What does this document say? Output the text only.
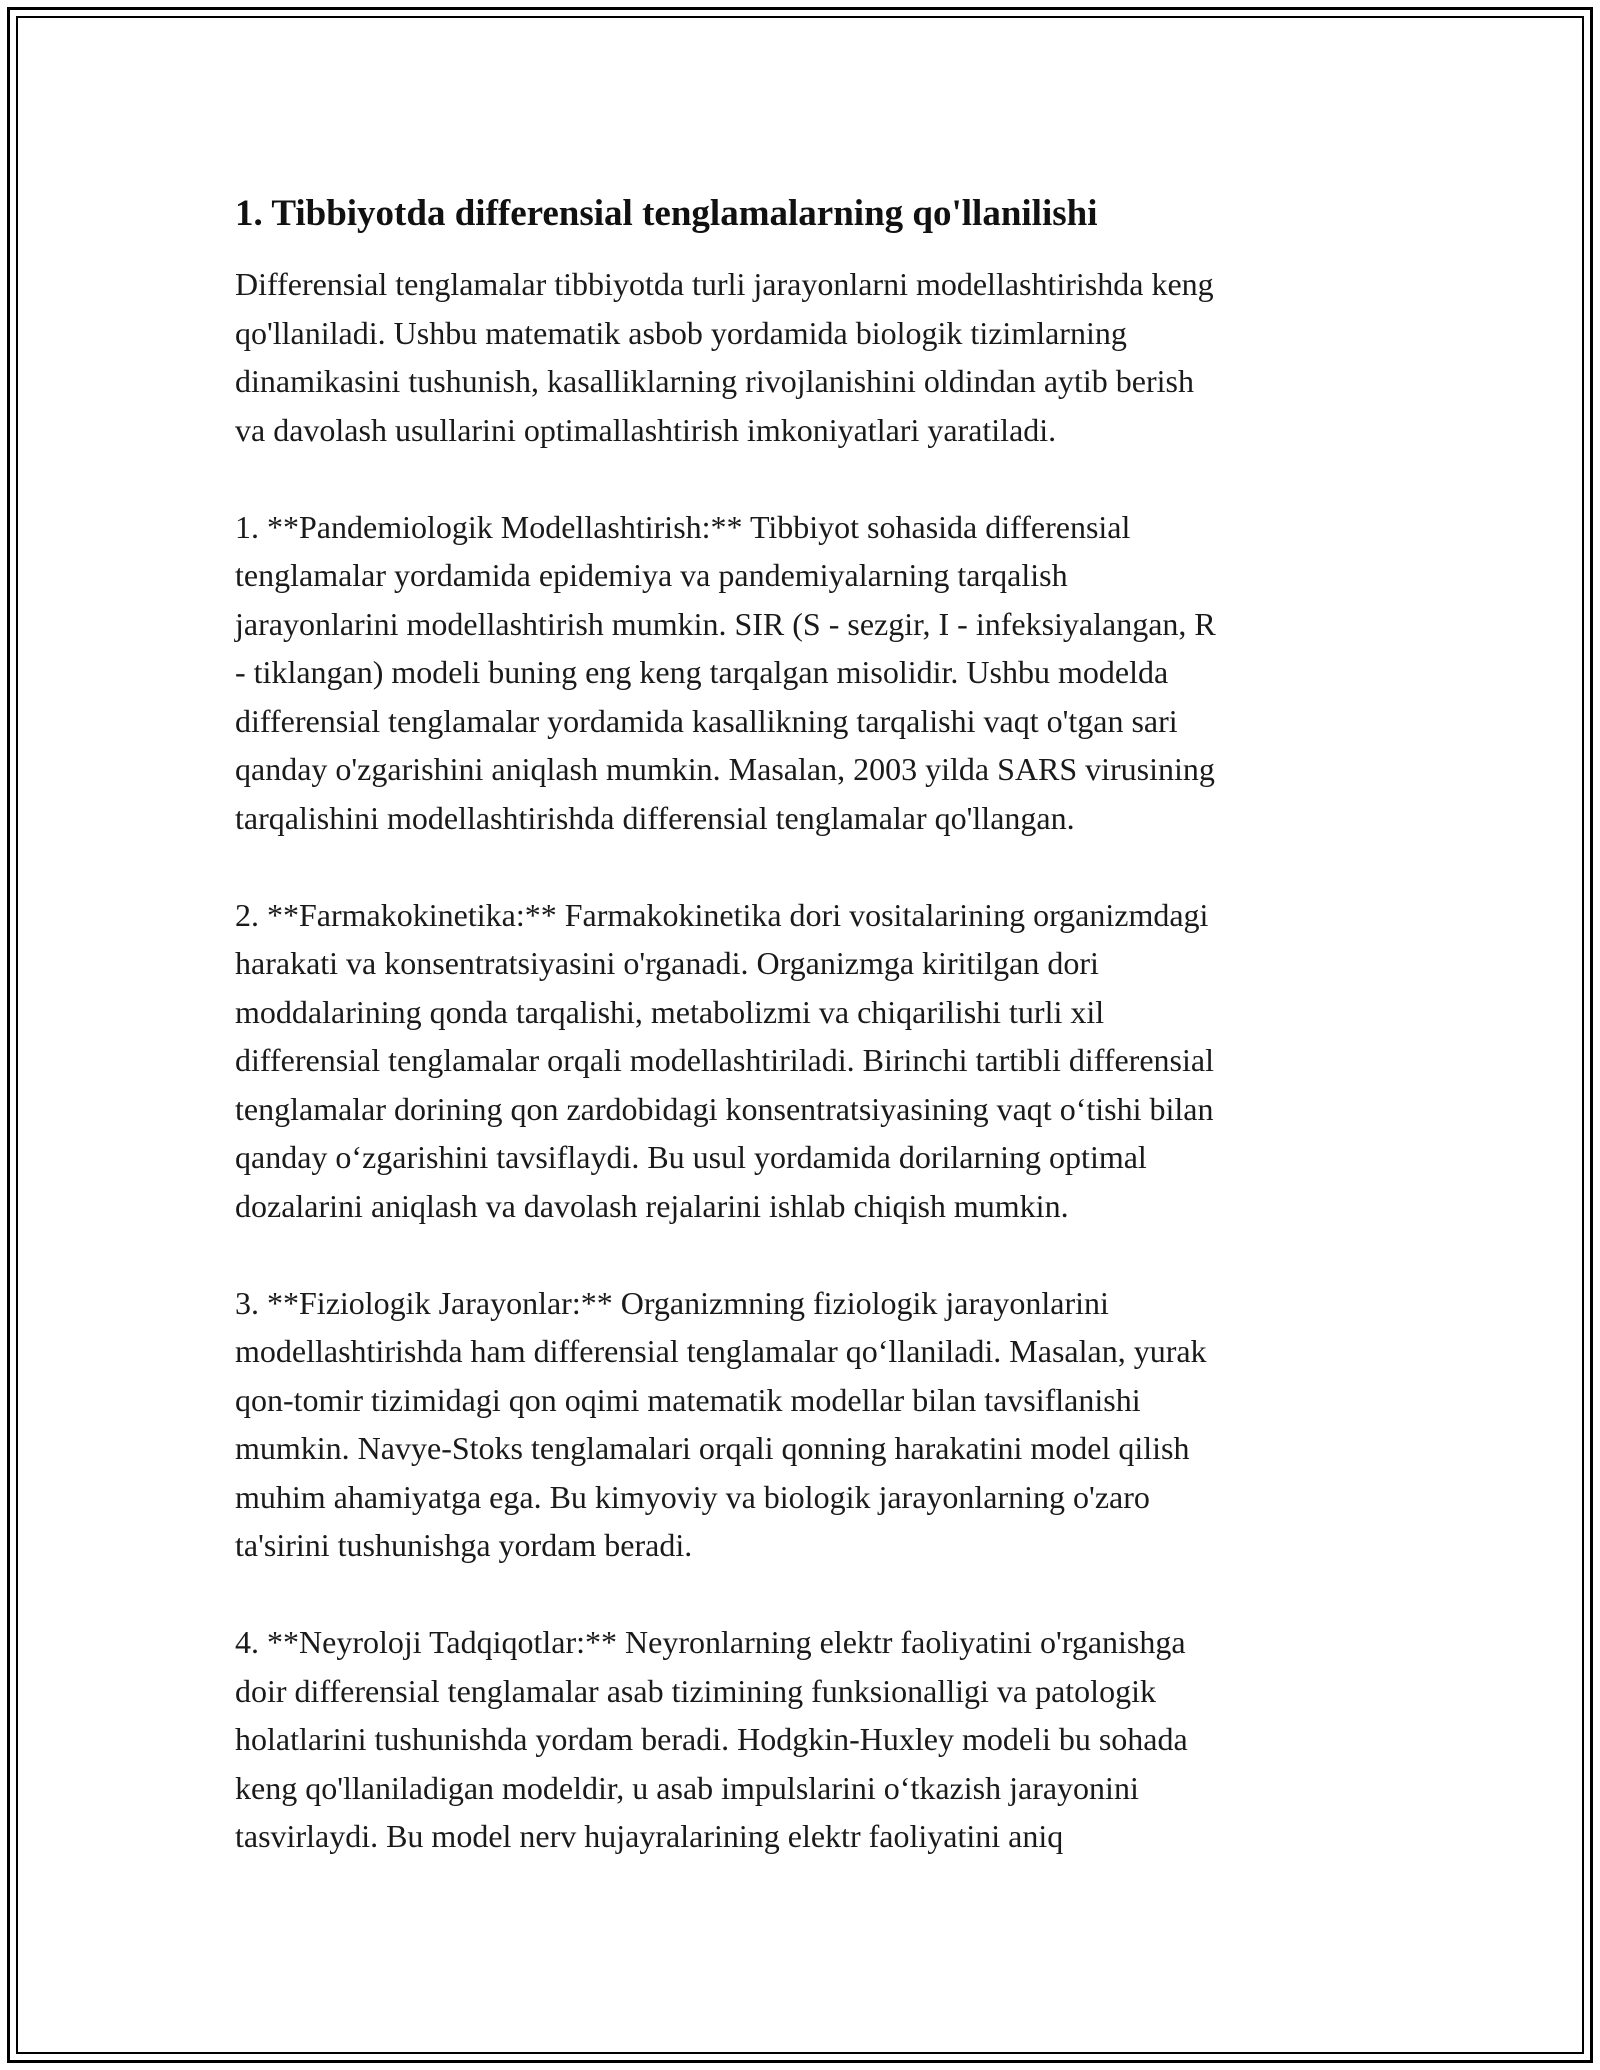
1. Tibbiyotda differensial tenglamalarning qo'llanilishi

Differensial tenglamalar tibbiyotda turli jarayonlarni modellashtirishda keng
qo'llaniladi. Ushbu matematik asbob yordamida biologik tizimlarning
dinamikasini tushunish, kasalliklarning rivojlanishini oldindan aytib berish
va davolash usullarini optimallashtirish imkoniyatlari yaratiladi.

1. **Pandemiologik Modellashtirish:** Tibbiyot sohasida differensial
tenglamalar yordamida epidemiya va pandemiyalarning tarqalish
jarayonlarini modellashtirish mumkin. SIR (S - sezgir, I - infeksiyalangan, R
- tiklangan) modeli buning eng keng tarqalgan misolidir. Ushbu modelda
differensial tenglamalar yordamida kasallikning tarqalishi vaqt o'tgan sari
qanday o'zgarishini aniqlash mumkin. Masalan, 2003 yilda SARS virusining
tarqalishini modellashtirishda differensial tenglamalar qo'llangan.

2. **Farmakokinetika:** Farmakokinetika dori vositalarining organizmdagi
harakati va konsentratsiyasini o'rganadi. Organizmga kiritilgan dori
moddalarining qonda tarqalishi, metabolizmi va chiqarilishi turli xil
differensial tenglamalar orqali modellashtiriladi. Birinchi tartibli differensial
tenglamalar dorining qon zardobidagi konsentratsiyasining vaqt o‘tishi bilan
qanday o‘zgarishini tavsiflaydi. Bu usul yordamida dorilarning optimal
dozalarini aniqlash va davolash rejalarini ishlab chiqish mumkin.

3. **Fiziologik Jarayonlar:** Organizmning fiziologik jarayonlarini
modellashtirishda ham differensial tenglamalar qo‘llaniladi. Masalan, yurak
qon-tomir tizimidagi qon oqimi matematik modellar bilan tavsiflanishi
mumkin. Navye-Stoks tenglamalari orqali qonning harakatini model qilish
muhim ahamiyatga ega. Bu kimyoviy va biologik jarayonlarning o'zaro
ta'sirini tushunishga yordam beradi.

4. **Neyroloji Tadqiqotlar:** Neyronlarning elektr faoliyatini o'rganishga
doir differensial tenglamalar asab tizimining funksionalligi va patologik
holatlarini tushunishda yordam beradi. Hodgkin-Huxley modeli bu sohada
keng qo'llaniladigan modeldir, u asab impulslarini o‘tkazish jarayonini
tasvirlaydi. Bu model nerv hujayralarining elektr faoliyatini aniq
